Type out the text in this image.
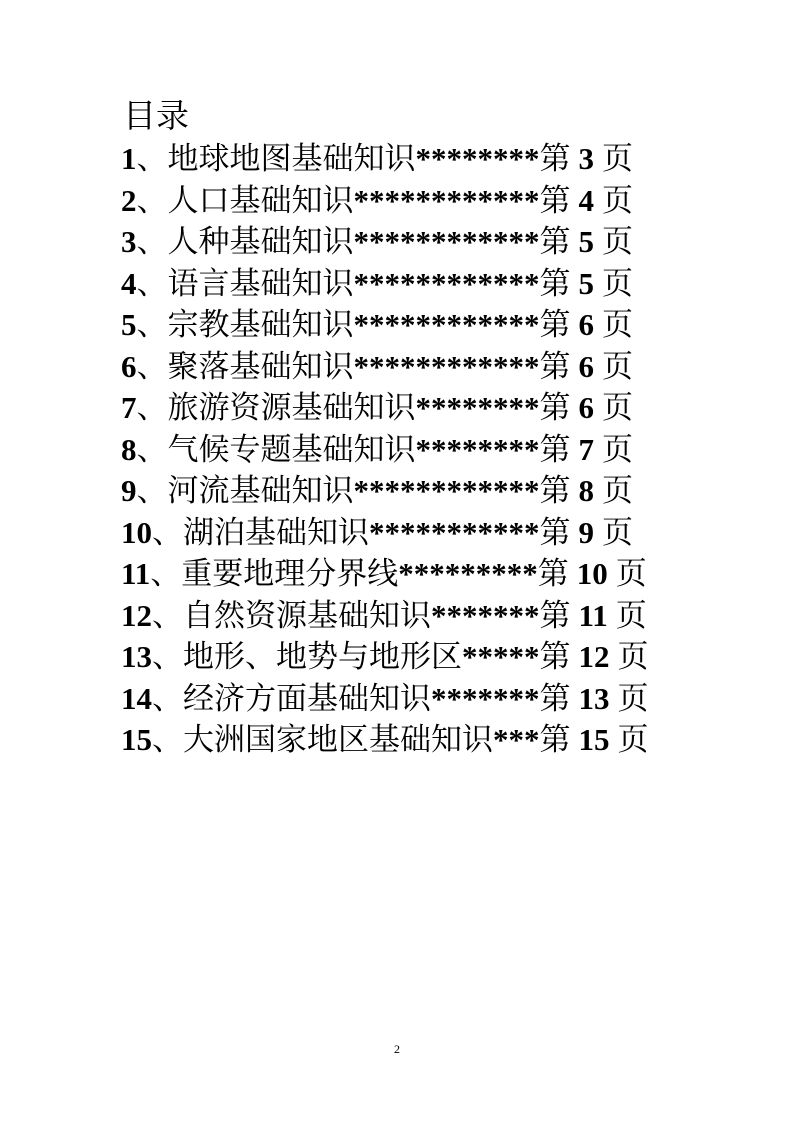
目录
1、地球地图基础知识********第 3 页
2、人口基础知识************第 4 页
3、人种基础知识************第 5 页
4、语言基础知识************第 5 页
5、宗教基础知识************第 6 页
6、聚落基础知识************第 6 页
7、旅游资源基础知识********第 6 页
8、气候专题基础知识********第 7 页
9、河流基础知识************第 8 页
10、湖泊基础知识***********第 9 页
11、重要地理分界线*********第 10 页
12、自然资源基础知识*******第 11 页
13、地形、地势与地形区*****第 12 页
14、经济方面基础知识*******第 13 页
15、大洲国家地区基础知识***第 15 页
2
